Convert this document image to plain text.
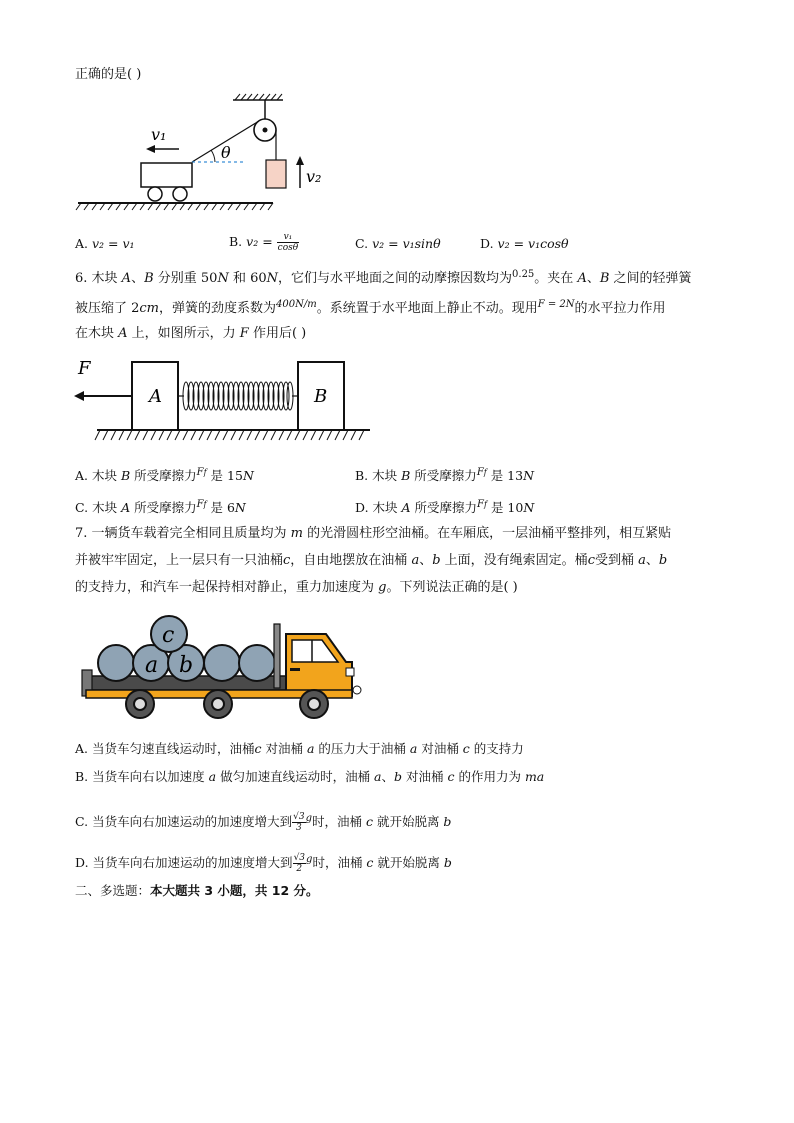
正确的是( )
v₁
θ
v₂
A. v₂ = v₁	B. $v_2 = \frac{\text{v₁}}{\cos\theta}$	C. v₂ = v₁sinθ	D. v₂ = v₁cosθ
6. 木块 A、B 分别重 50N 和 60N，它们与水平地面之间的动摩擦因数均为$^{0.25}$。夹在 A、B 之间的轻弹簧
被压缩了 2cm，弹簧的劲度系数为$^{400N/m}$。系统置于水平地面上静止不动。现用$^{F = 2N}$的水平拉力作用
在木块 A 上，如图所示，力 F 作用后( )
F
A	B
A. 木块 B 所受摩擦力$^{Ff}$ 是 15N	B. 木块 B 所受摩擦力$^{Ff}$ 是 13N
C. 木块 A 所受摩擦力$^{Ff}$ 是 6N	D. 木块 A 所受摩擦力$^{Ff}$ 是 10N
7. 一辆货车载着完全相同且质量均为 m 的光滑圆柱形空油桶。在车厢底，一层油桶平整排列，相互紧贴
并被牢牢固定，上一层只有一只油桶c，自由地摆放在油桶 a、b 上面，没有绳索固定。桶c受到桶 a、b
的支持力，和汽车一起保持相对静止，重力加速度为 g。下列说法正确的是( )
a b
c
A. 当货车匀速直线运动时，油桶c 对油桶 a 的压力大于油桶 a 对油桶 c 的支持力
B. 当货车向右以加速度 a 做匀加速直线运动时，油桶 a、b 对油桶 c 的作用力为 ma
C. 当货车向右加速运动的加速度增大到 $\frac{√3}{3} ^g$时，油桶 c 就开始脱离 b
D. 当货车向右加速运动的加速度增大到 $\frac{√3}{2} ^g$时，油桶 c 就开始脱离 b
二、多选题：本大题共 3 小题，共 12 分。
